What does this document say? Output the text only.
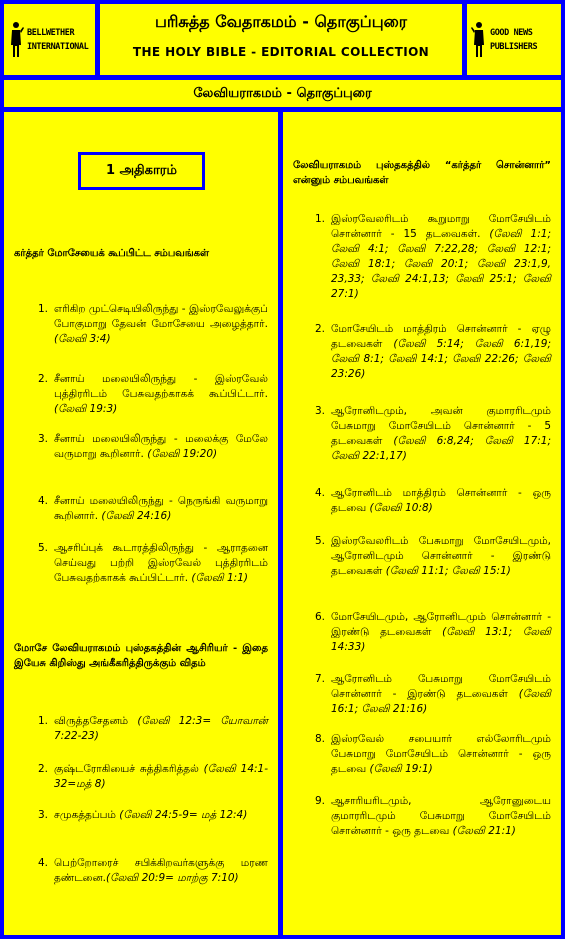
BELLWETHER
INTERNATIONAL
பரிசுத்த வேதாகமம் - தொகுப்புரை
THE HOLY BIBLE - EDITORIAL COLLECTION
GOOD NEWS
PUBLISHERS
லேவியராகமம் - தொகுப்புரை
1 அதிகாரம்
கர்த்தர் மோசேயைக் கூப்பிட்ட சம்பவங்கள்
1. எரிகிற முட்செடியிலிருந்து - இஸ்ரவேலுக்குப் போகுமாறு தேவன் மோசேயை அழைத்தார். (லேவி 3:4)
2. சீனாய் மலையிலிருந்து - இஸ்ரவேல் புத்திரரிடம் பேசுவதற்காகக் கூப்பிட்டார். (லேவி 19:3)
3. சீனாய் மலையிலிருந்து - மலைக்கு மேலே வருமாறு கூறினார். (லேவி 19:20)
4. சீனாய் மலையிலிருந்து - நெருங்கி வருமாறு கூறினார். (லேவி 24:16)
5. ஆசரிப்புக் கூடாரத்திலிருந்து - ஆராதனை செய்வது பற்றி இஸ்ரவேல் புத்திரரிடம் பேசுவதற்காகக் கூப்பிட்டார். (லேவி 1:1)
மோசே லேவியராகமம் புஸ்தகத்தின் ஆசிரியர் - இதை இயேசு கிறிஸ்து அங்கீகரித்திருக்கும் விதம்
1. விருத்தசேதனம் (லேவி 12:3= யோவான் 7:22-23)
2. குஷ்டரோகியைச் சுத்திகரித்தல் (லேவி 14:1-32=மத் 8)
3. சமுகத்தப்பம் (லேவி 24:5-9= மத் 12:4)
4. பெற்றோரைச் சபிக்கிறவர்களுக்கு மரண தண்டனை.(லேவி 20:9= மாற்கு 7:10)
லேவியராகமம் புஸ்தகத்தில் “கர்த்தர் சொன்னார்” என்னும் சம்பவங்கள்
1. இஸ்ரவேலரிடம் கூறுமாறு மோசேயிடம் சொன்னார் - 15 தடவைகள். (லேவி 1:1; லேவி 4:1; லேவி 7:22,28; லேவி 12:1; லேவி 18:1; லேவி 20:1; லேவி 23:1,9, 23,33; லேவி 24:1,13; லேவி 25:1; லேவி 27:1)
2. மோசேயிடம் மாத்திரம் சொன்னார் - ஏழு தடவைகள் (லேவி 5:14; லேவி 6:1,19; லேவி 8:1; லேவி 14:1; லேவி 22:26; லேவி 23:26)
3. ஆரோனிடமும், அவன் குமாரரிடமும் பேசுமாறு மோசேயிடம் சொன்னார் - 5 தடவைகள் (லேவி 6:8,24; லேவி 17:1; லேவி 22:1,17)
4. ஆரோனிடம் மாத்திரம் சொன்னார் - ஒரு தடவை (லேவி 10:8)
5. இஸ்ரவேலரிடம் பேசுமாறு மோசேயிடமும், ஆரோனிடமும் சொன்னார் - இரண்டு தடவைகள் (லேவி 11:1; லேவி 15:1)
6. மோசேயிடமும், ஆரோனிடமும் சொன்னார் - இரண்டு தடவைகள் (லேவி 13:1; லேவி 14:33)
7. ஆரோனிடம் பேசுமாறு மோசேயிடம் சொன்னார் - இரண்டு தடவைகள் (லேவி 16:1; லேவி 21:16)
8. இஸ்ரவேல் சபையார் எல்லோரிடமும் பேசுமாறு மோசேயிடம் சொன்னார் - ஒரு தடவை (லேவி 19:1)
9. ஆசாரியரிடமும், ஆரோனுடைய குமாரரிடமும் பேசுமாறு மோசேயிடம் சொன்னார் - ஒரு தடவை (லேவி 21:1)
